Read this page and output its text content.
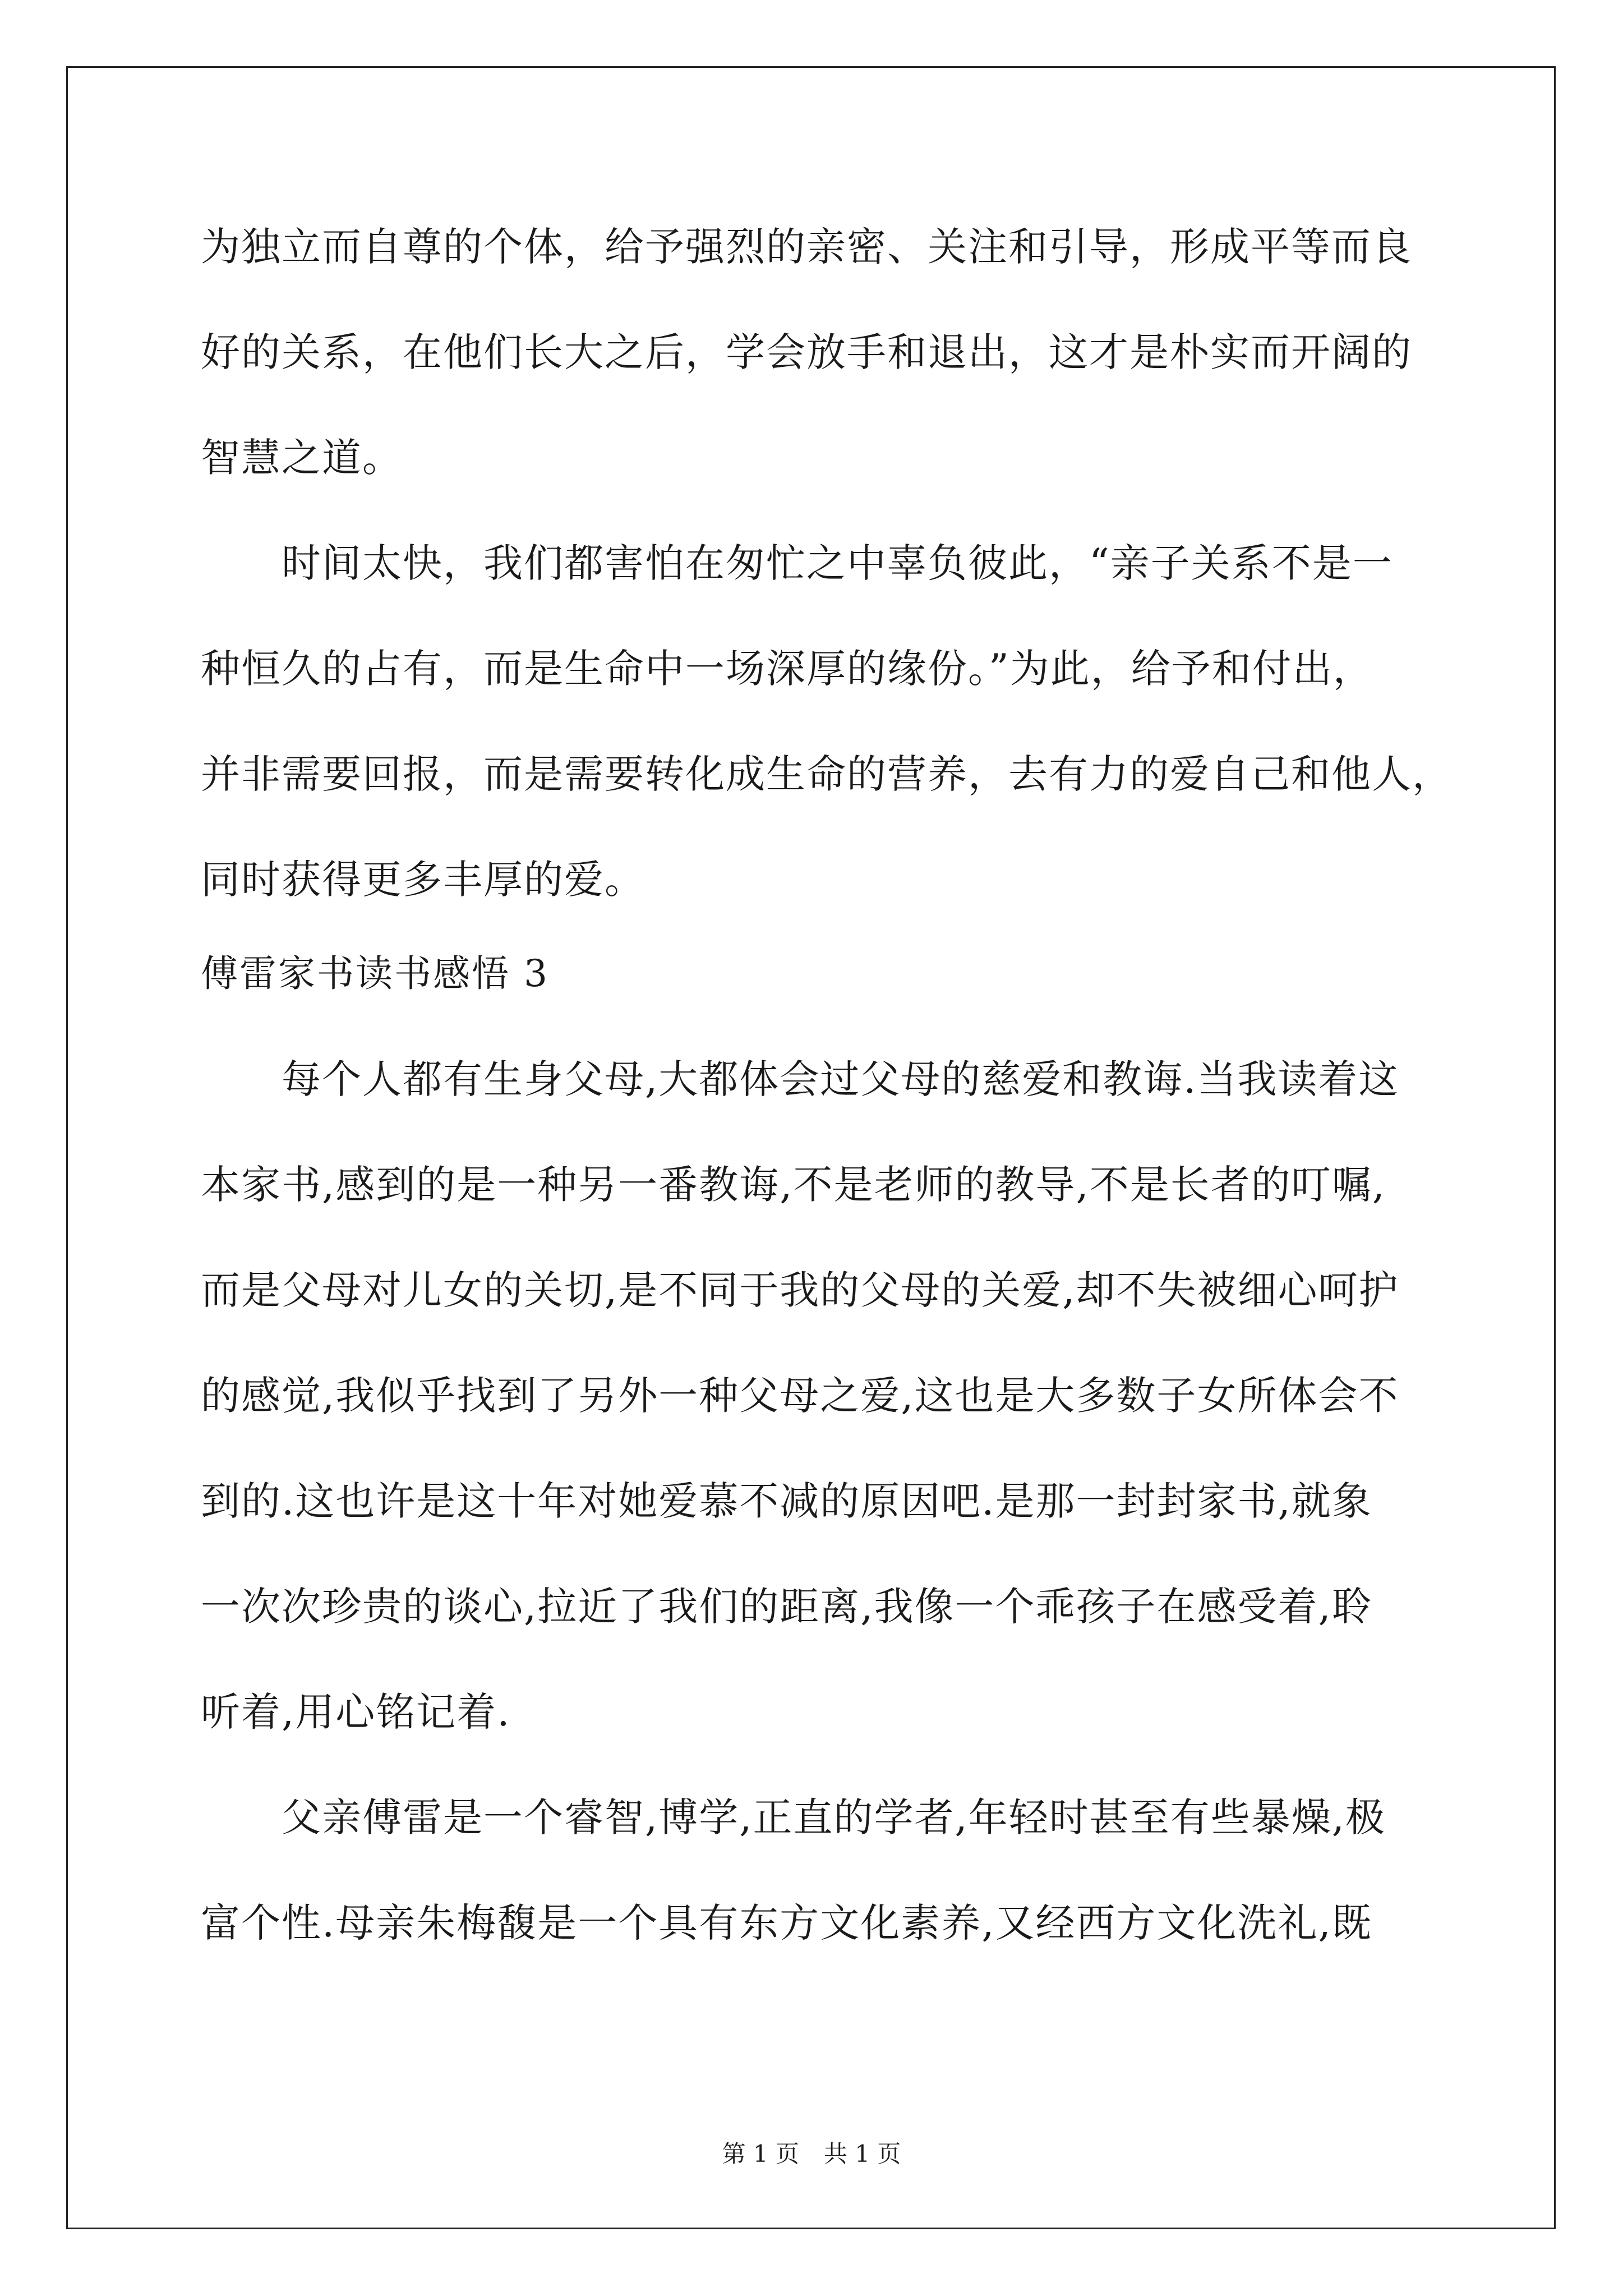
为独立而自尊的个体，给予强烈的亲密、关注和引导，形成平等而良
好的关系，在他们长大之后，学会放手和退出，这才是朴实而开阔的
智慧之道。
　　时间太快，我们都害怕在匆忙之中辜负彼此，“亲子关系不是一
种恒久的占有，而是生命中一场深厚的缘份。”为此，给予和付出，
并非需要回报，而是需要转化成生命的营养，去有力的爱自己和他人，
同时获得更多丰厚的爱。
傅雷家书读书感悟 3
　　每个人都有生身父母,大都体会过父母的慈爱和教诲.当我读着这
本家书,感到的是一种另一番教诲,不是老师的教导,不是长者的叮嘱,
而是父母对儿女的关切,是不同于我的父母的关爱,却不失被细心呵护
的感觉,我似乎找到了另外一种父母之爱,这也是大多数子女所体会不
到的.这也许是这十年对她爱慕不减的原因吧.是那一封封家书,就象
一次次珍贵的谈心,拉近了我们的距离,我像一个乖孩子在感受着,聆
听着,用心铭记着.
　　父亲傅雷是一个睿智,博学,正直的学者,年轻时甚至有些暴燥,极
富个性.母亲朱梅馥是一个具有东方文化素养,又经西方文化洗礼,既
第 1 页 共 1 页
